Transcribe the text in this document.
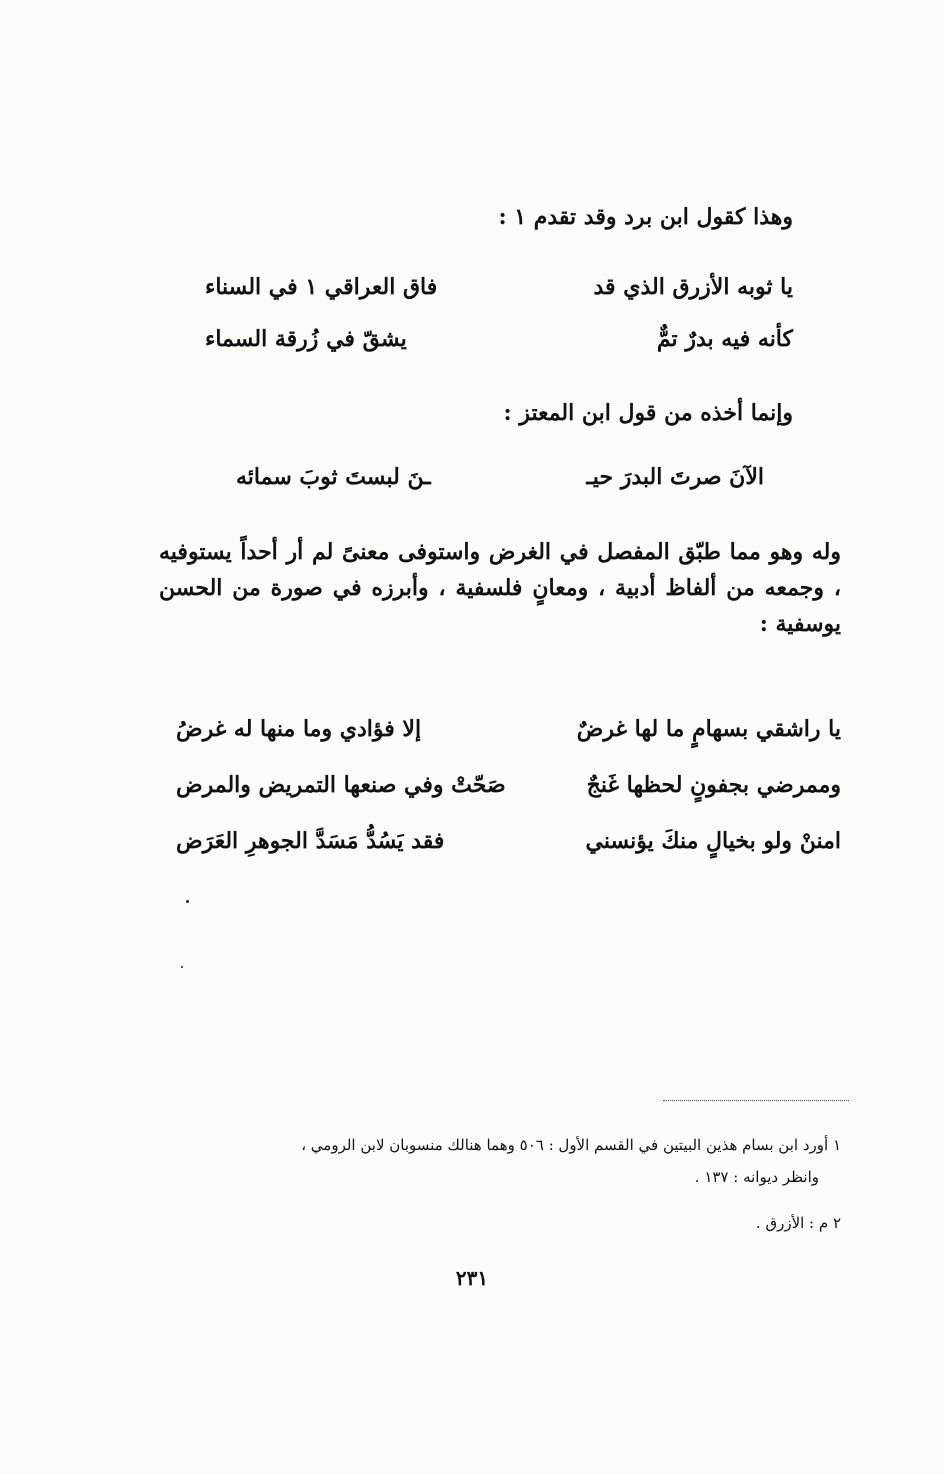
وهذا كقول ابن برد وقد تقدم ١ :
يا ثوبه الأزرق الذي قد
فاق العراقي ١ في السناء
كأنه فيه بدرٌ تمٌّ
يشقّ في زُرقة السماء
وإنما أخذه من قول ابن المعتز :
الآنَ صرتَ البدرَ حيـ
ـنَ لبستَ ثوبَ سمائه
وله وهو مما طبّق المفصل في الغرض واستوفى معنىً لم أر أحداً يستوفيه ، وجمعه من ألفاظ أدبية ، ومعانٍ فلسفية ، وأبرزه في صورة من الحسن يوسفية :
يا راشقي بسهامٍ ما لها غرضٌ
إلا فؤادي وما منها له غرضُ
وممرضي بجفونٍ لحظها غَنجٌ
صَحّتْ وفي صنعها التمريض والمرض
امننْ ولو بخيالٍ منكَ يؤنسني
فقد يَسُدُّ مَسَدَّ الجوهرِ العَرَض
١ أورد ابن بسام هذين البيتين في القسم الأول : ٥٠٦ وهما هنالك منسوبان لابن الرومي ،
وانظر ديوانه : ١٣٧ .
٢ م : الأزرق .
٢٣١
